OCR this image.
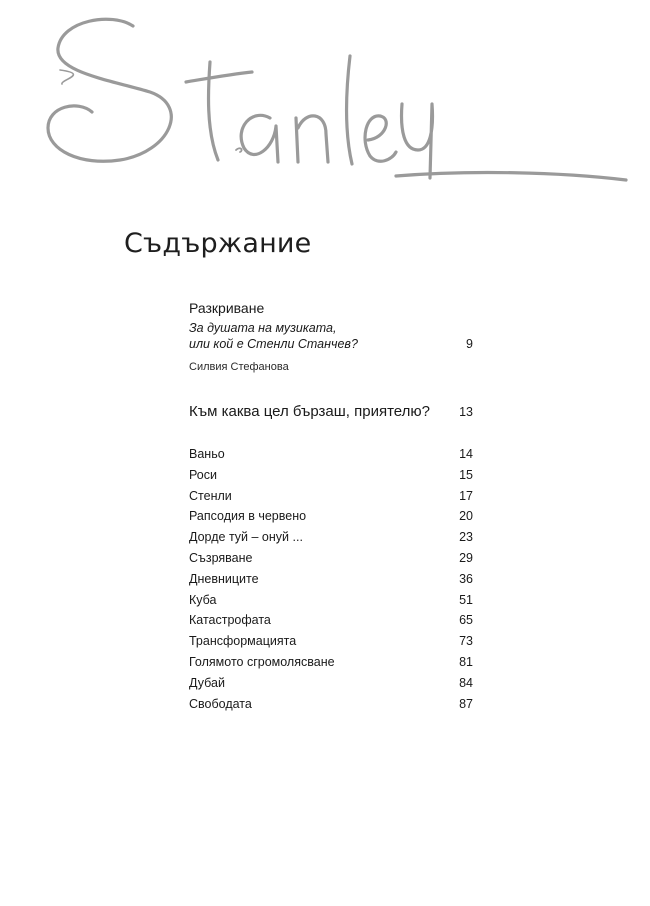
Съдържание
Разкриване
За душата на музиката,
или кой е Стенли Станчев?	9
Силвия Стефанова
Към каква цел бързаш, приятелю? 13
Ваньо	14
Роси	15
Стенли	17
Рапсодия в червено	20
Дорде туй – онуй ...	23
Съзряване	29
Дневниците	36
Куба	51
Катастрофата	65
Трансформацията	73
Голямото сгромолясване	81
Дубай	84
Свободата	87
